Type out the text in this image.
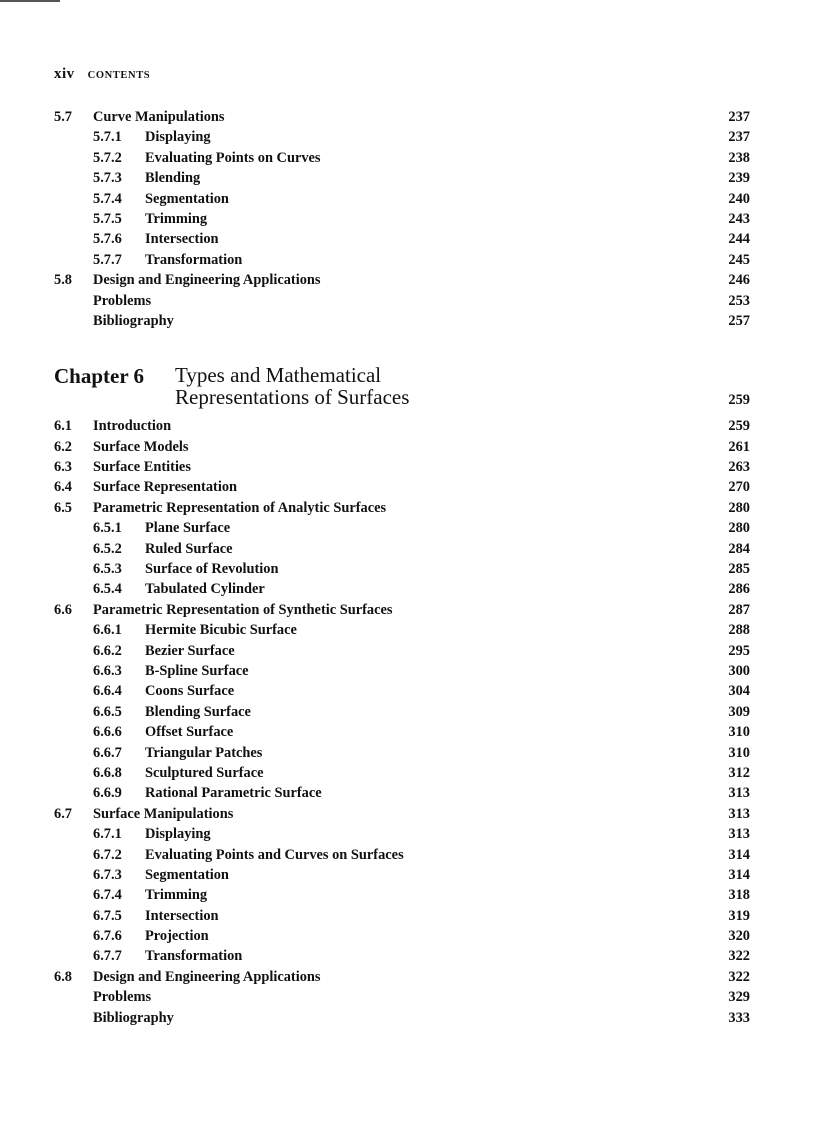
xiv CONTENTS
5.7 Curve Manipulations	237
5.7.1 Displaying	237
5.7.2 Evaluating Points on Curves	238
5.7.3 Blending	239
5.7.4 Segmentation	240
5.7.5 Trimming	243
5.7.6 Intersection	244
5.7.7 Transformation	245
5.8 Design and Engineering Applications	246
Problems	253
Bibliography	257
Chapter 6 Types and Mathematical
Representations of Surfaces	259
6.1 Introduction	259
6.2 Surface Models	261
6.3 Surface Entities	263
6.4 Surface Representation	270
6.5 Parametric Representation of Analytic Surfaces	280
6.5.1 Plane Surface	280
6.5.2 Ruled Surface	284
6.5.3 Surface of Revolution	285
6.5.4 Tabulated Cylinder	286
6.6 Parametric Representation of Synthetic Surfaces	287
6.6.1 Hermite Bicubic Surface	288
6.6.2 Bezier Surface	295
6.6.3 B-Spline Surface	300
6.6.4 Coons Surface	304
6.6.5 Blending Surface	309
6.6.6 Offset Surface	310
6.6.7 Triangular Patches	310
6.6.8 Sculptured Surface	312
6.6.9 Rational Parametric Surface	313
6.7 Surface Manipulations	313
6.7.1 Displaying	313
6.7.2 Evaluating Points and Curves on Surfaces	314
6.7.3 Segmentation	314
6.7.4 Trimming	318
6.7.5 Intersection	319
6.7.6 Projection	320
6.7.7 Transformation	322
6.8 Design and Engineering Applications	322
Problems	329
Bibliography	333
